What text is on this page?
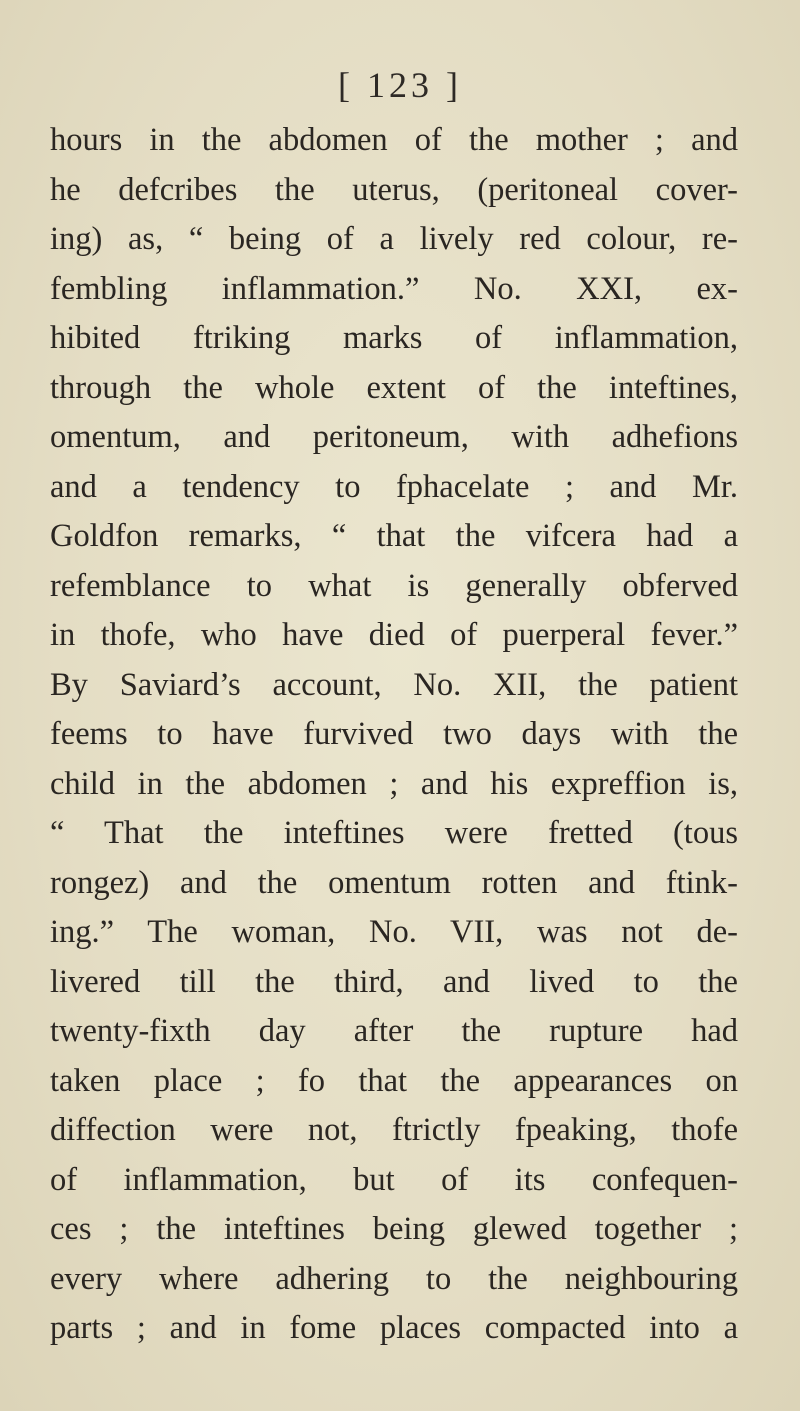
[ 123 ]
hours in the abdomen of the mother ; and
he defcribes the uterus, (peritoneal cover-
ing) as, “ being of a lively red colour, re-
fembling inflammation.” No. XXI, ex-
hibited ftriking marks of inflammation,
through the whole extent of the inteftines,
omentum, and peritoneum, with adhefions
and a tendency to fphacelate ; and Mr.
Goldfon remarks, “ that the vifcera had a
refemblance to what is generally obferved
in thofe, who have died of puerperal fever.”
By Saviard’s account, No. XII, the patient
feems to have furvived two days with the
child in the abdomen ; and his expreffion is,
“ That the inteftines were fretted (tous
rongez) and the omentum rotten and ftink-
ing.” The woman, No. VII, was not de-
livered till the third, and lived to the
twenty-fixth day after the rupture had
taken place ; fo that the appearances on
diffection were not, ftrictly fpeaking, thofe
of inflammation, but of its confequen-
ces ; the inteftines being glewed together ;
every where adhering to the neighbouring
parts ; and in fome places compacted into a
